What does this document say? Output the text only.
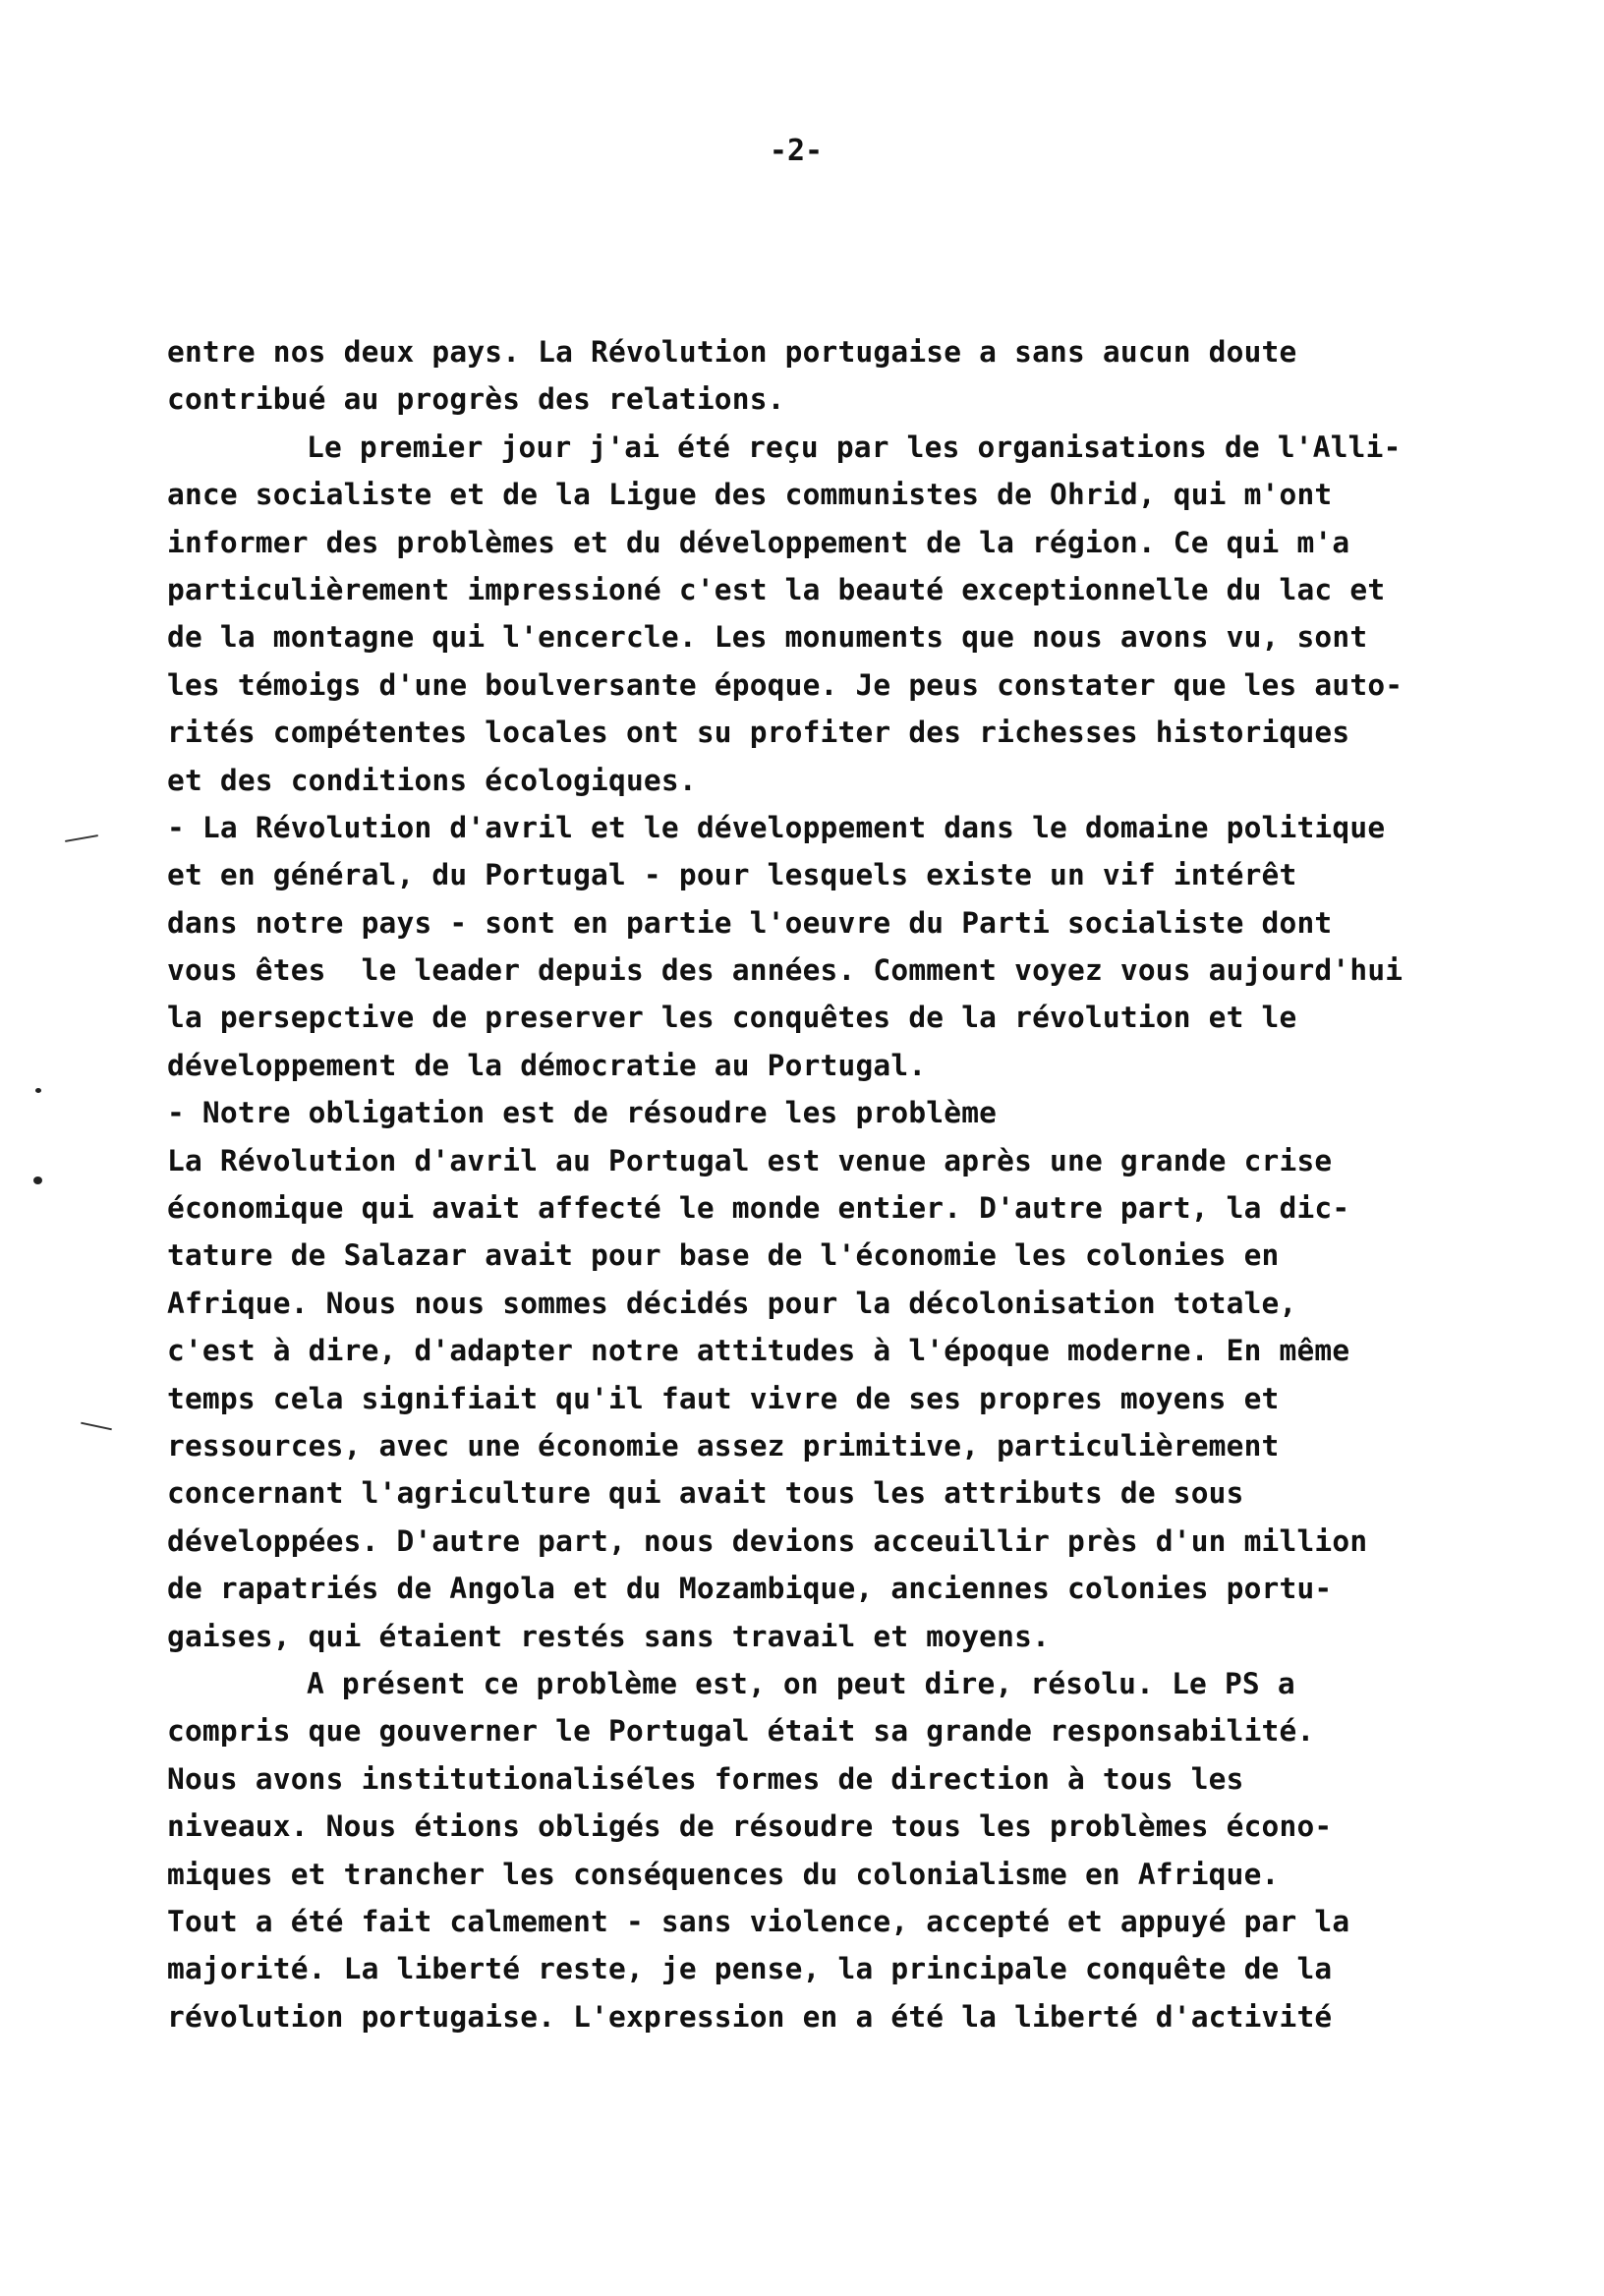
-2-
entre nos deux pays. La Révolution portugaise a sans aucun doute
contribué au progrès des relations.
Le premier jour j'ai été reçu par les organisations de l'Alli-
ance socialiste et de la Ligue des communistes de Ohrid, qui m'ont
informer des problèmes et du développement de la région. Ce qui m'a
particulièrement impressioné c'est la beauté exceptionnelle du lac et
de la montagne qui l'encercle. Les monuments que nous avons vu, sont
les témoigs d'une boulversante époque. Je peus constater que les auto-
rités compétentes locales ont su profiter des richesses historiques
et des conditions écologiques.
- La Révolution d'avril et le développement dans le domaine politique
et en général, du Portugal - pour lesquels existe un vif intérêt
dans notre pays - sont en partie l'oeuvre du Parti socialiste dont
vous êtes  le leader depuis des années. Comment voyez vous aujourd'hui
la persepctive de preserver les conquêtes de la révolution et le
développement de la démocratie au Portugal.
- Notre obligation est de résoudre les problème
La Révolution d'avril au Portugal est venue après une grande crise
économique qui avait affecté le monde entier. D'autre part, la dic-
tature de Salazar avait pour base de l'économie les colonies en
Afrique. Nous nous sommes décidés pour la décolonisation totale,
c'est à dire, d'adapter notre attitudes à l'époque moderne. En même
temps cela signifiait qu'il faut vivre de ses propres moyens et
ressources, avec une économie assez primitive, particulièrement
concernant l'agriculture qui avait tous les attributs de sous
développées. D'autre part, nous devions acceuillir près d'un million
de rapatriés de Angola et du Mozambique, anciennes colonies portu-
gaises, qui étaient restés sans travail et moyens.
A présent ce problème est, on peut dire, résolu. Le PS a
compris que gouverner le Portugal était sa grande responsabilité.
Nous avons institutionaliséles formes de direction à tous les
niveaux. Nous étions obligés de résoudre tous les problèmes écono-
miques et trancher les conséquences du colonialisme en Afrique.
Tout a été fait calmement - sans violence, accepté et appuyé par la
majorité. La liberté reste, je pense, la principale conquête de la
révolution portugaise. L'expression en a été la liberté d'activité
